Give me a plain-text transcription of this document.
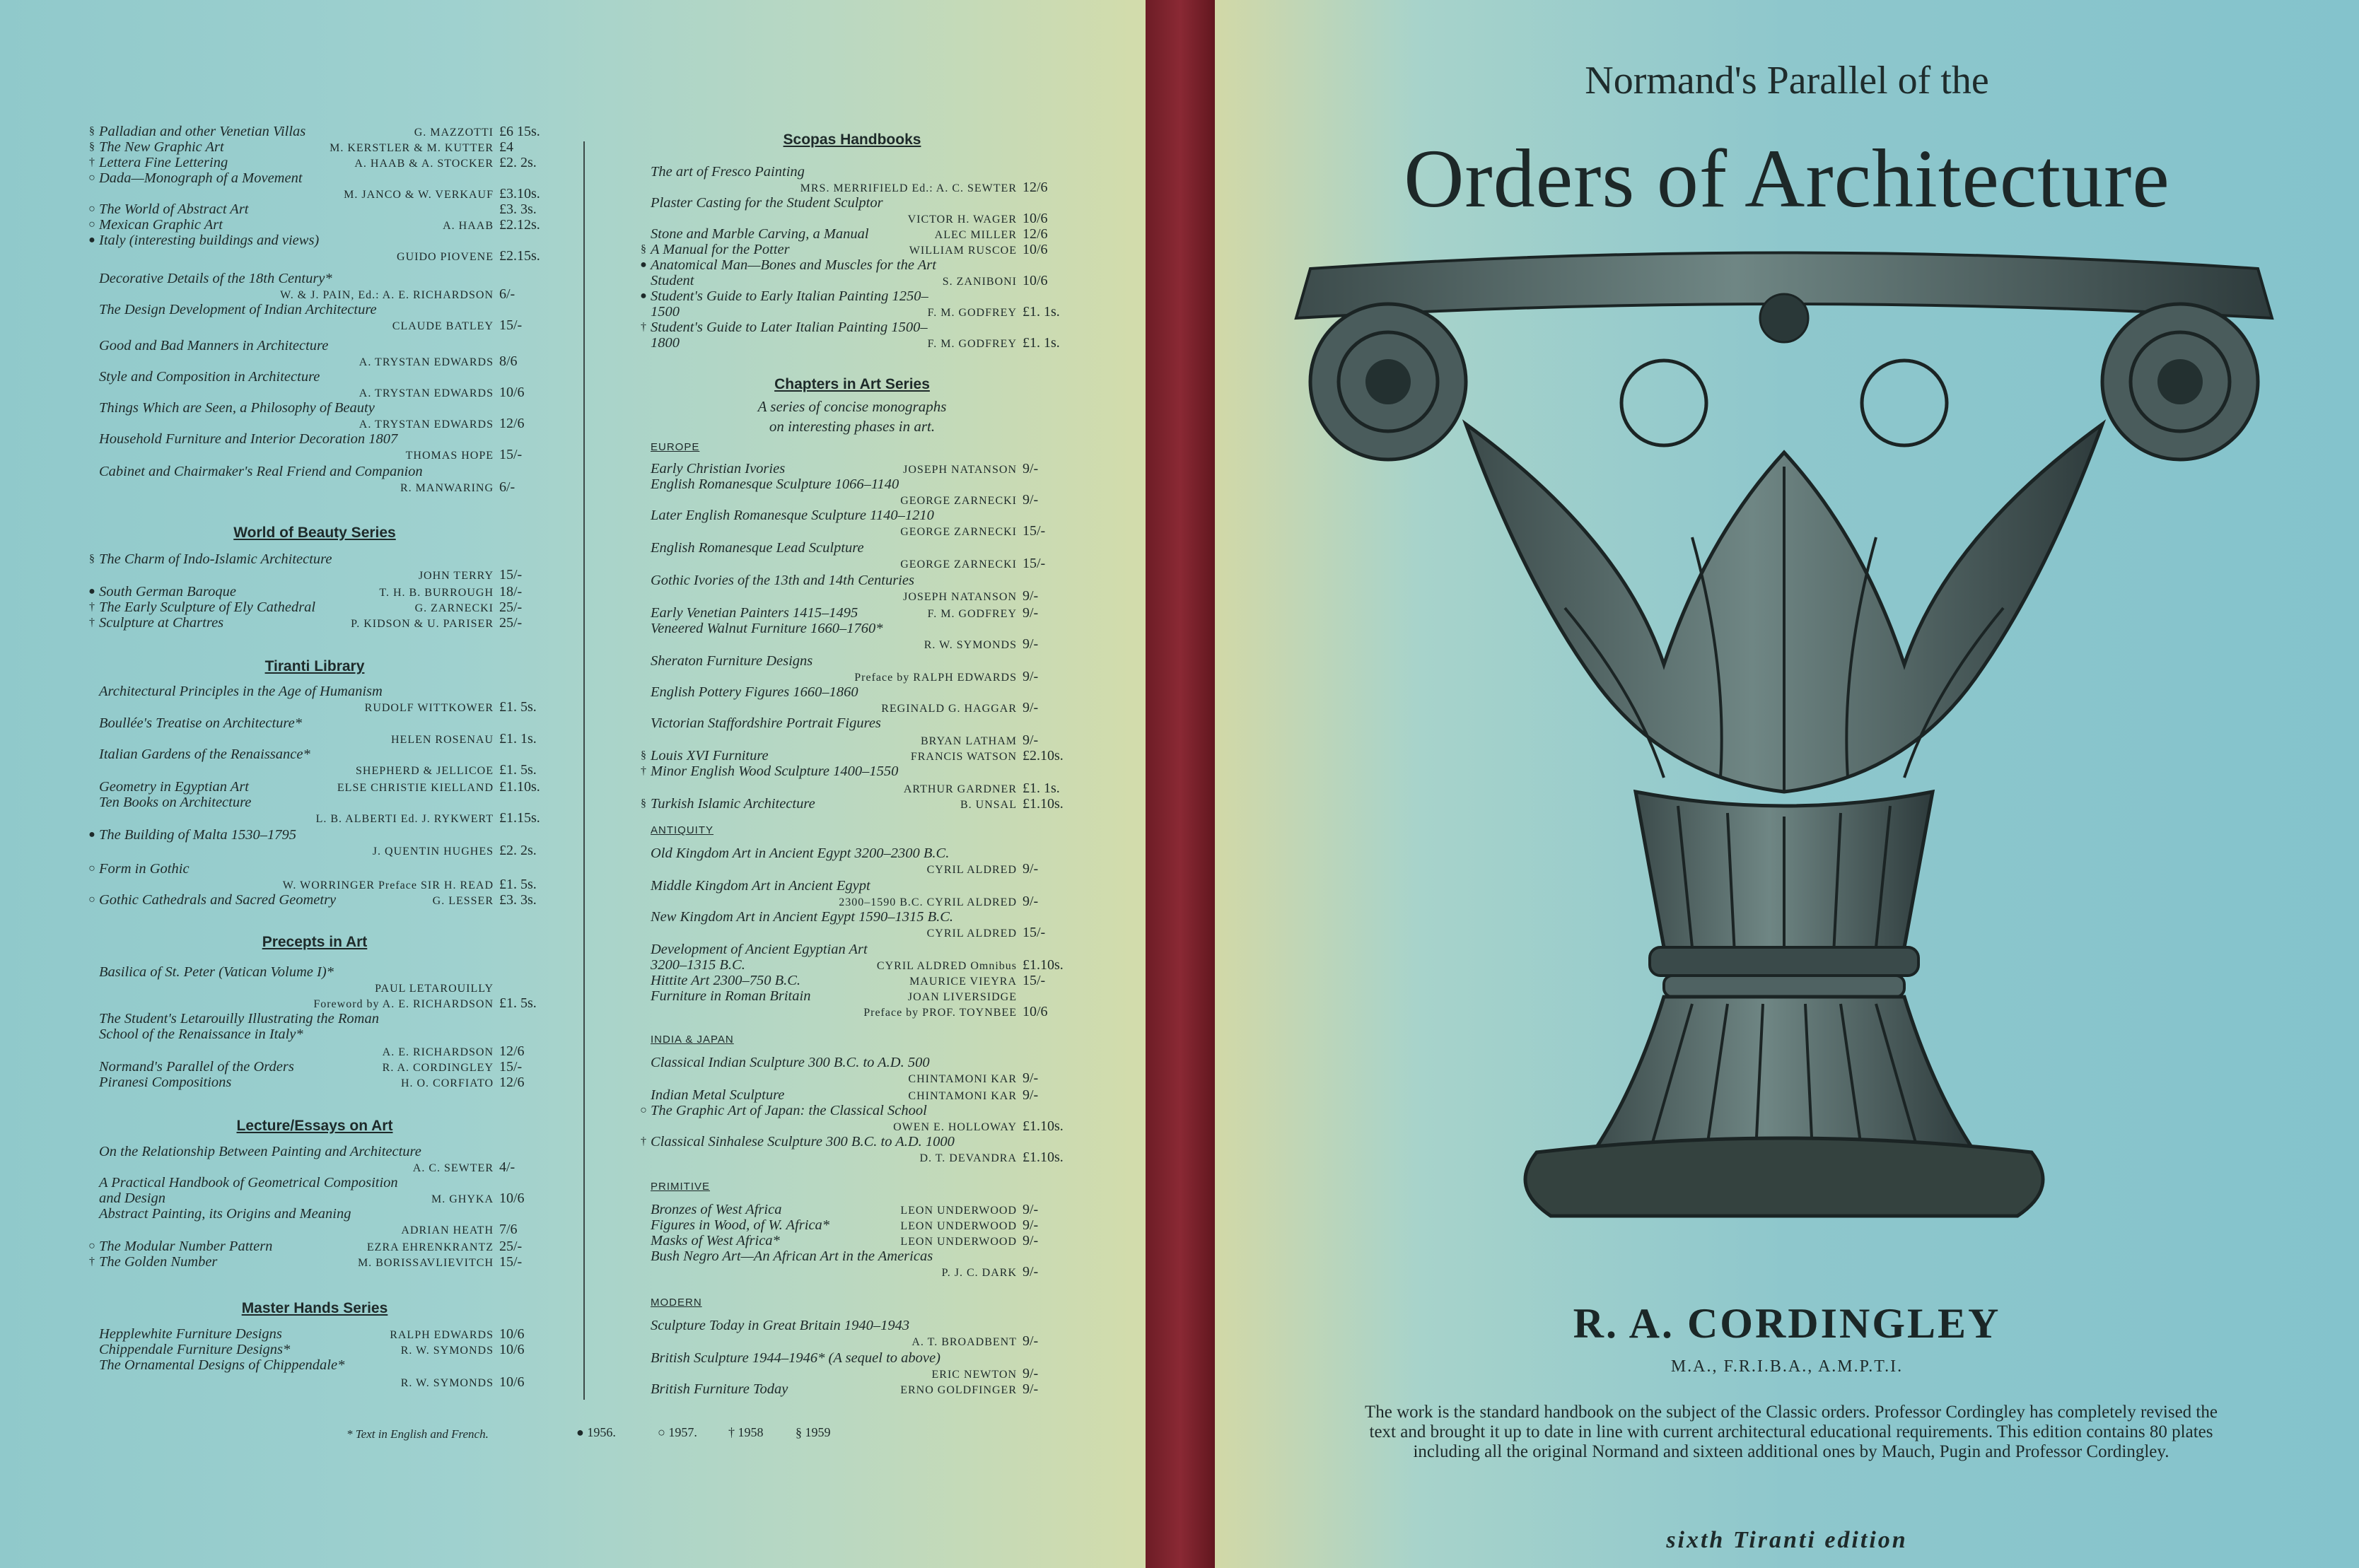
§ Palladian and other Venetian Villas	G. MAZZOTTI £6 15s.
§ The New Graphic Art	M. KERSTLER & M. KUTTER £4
† Lettera Fine Lettering	A. HAAB & A. STOCKER £2. 2s.
○ Dada—Monograph of a Movement
M. JANCO & W. VERKAUF £3.10s.
○ The World of Abstract Art	£3. 3s.
○ Mexican Graphic Art	A. HAAB £2.12s.
● Italy (interesting buildings and views)
GUIDO PIOVENE £2.15s.
Decorative Details of the 18th Century*
W. & J. PAIN, Ed.: A. E. RICHARDSON 6/-
The Design Development of Indian Architecture
CLAUDE BATLEY 15/-
Good and Bad Manners in Architecture
A. TRYSTAN EDWARDS 8/6
Style and Composition in Architecture
A. TRYSTAN EDWARDS 10/6
Things Which are Seen, a Philosophy of Beauty
A. TRYSTAN EDWARDS 12/6
Household Furniture and Interior Decoration 1807
THOMAS HOPE 15/-
Cabinet and Chairmaker's Real Friend and Companion
R. MANWARING 6/-
World of Beauty Series
§ The Charm of Indo-Islamic Architecture
JOHN TERRY 15/-
● South German Baroque	T. H. B. BURROUGH 18/-
† The Early Sculpture of Ely Cathedral	G. ZARNECKI 25/-
† Sculpture at Chartres	P. KIDSON & U. PARISER 25/-
Tiranti Library
Architectural Principles in the Age of Humanism
RUDOLF WITTKOWER £1. 5s.
Boullée's Treatise on Architecture*
HELEN ROSENAU £1. 1s.
Italian Gardens of the Renaissance*
SHEPHERD & JELLICOE £1. 5s.
Geometry in Egyptian Art	ELSE CHRISTIE KIELLAND £1.10s.
Ten Books on Architecture
L. B. ALBERTI Ed. J. RYKWERT £1.15s.
● The Building of Malta 1530–1795
J. QUENTIN HUGHES £2. 2s.
○ Form in Gothic
W. WORRINGER Preface SIR H. READ £1. 5s.
○ Gothic Cathedrals and Sacred Geometry	G. LESSER £3. 3s.
Precepts in Art
Basilica of St. Peter (Vatican Volume I)*
PAUL LETAROUILLY
Foreword by A. E. RICHARDSON £1. 5s.
The Student's Letarouilly Illustrating the Roman
School of the Renaissance in Italy*
A. E. RICHARDSON 12/6
Normand's Parallel of the Orders	R. A. CORDINGLEY 15/-
Piranesi Compositions	H. O. CORFIATO 12/6
Lecture/Essays on Art
On the Relationship Between Painting and Architecture
A. C. SEWTER 4/-
A Practical Handbook of Geometrical Composition
and Design	M. GHYKA 10/6
Abstract Painting, its Origins and Meaning
ADRIAN HEATH 7/6
○ The Modular Number Pattern	EZRA EHRENKRANTZ 25/-
† The Golden Number	M. BORISSAVLIEVITCH 15/-
Master Hands Series
Hepplewhite Furniture Designs	RALPH EDWARDS 10/6
Chippendale Furniture Designs*	R. W. SYMONDS 10/6
The Ornamental Designs of Chippendale*
R. W. SYMONDS 10/6
Scopas Handbooks
The art of Fresco Painting
MRS. MERRIFIELD Ed.: A. C. SEWTER 12/6
Plaster Casting for the Student Sculptor
VICTOR H. WAGER 10/6
Stone and Marble Carving, a Manual	ALEC MILLER 12/6
§ A Manual for the Potter	WILLIAM RUSCOE 10/6
● Anatomical Man—Bones and Muscles for the Art
Student	S. ZANIBONI 10/6
● Student's Guide to Early Italian Painting 1250–
1500	F. M. GODFREY £1. 1s.
† Student's Guide to Later Italian Painting 1500–
1800	F. M. GODFREY £1. 1s.
Chapters in Art Series
A series of concise monographs
on interesting phases in art.
EUROPE
Early Christian Ivories	JOSEPH NATANSON 9/-
English Romanesque Sculpture 1066–1140
GEORGE ZARNECKI 9/-
Later English Romanesque Sculpture 1140–1210
GEORGE ZARNECKI 15/-
English Romanesque Lead Sculpture
GEORGE ZARNECKI 15/-
Gothic Ivories of the 13th and 14th Centuries
JOSEPH NATANSON 9/-
Early Venetian Painters 1415–1495	F. M. GODFREY 9/-
Veneered Walnut Furniture 1660–1760*
R. W. SYMONDS 9/-
Sheraton Furniture Designs
Preface by RALPH EDWARDS 9/-
English Pottery Figures 1660–1860
REGINALD G. HAGGAR 9/-
Victorian Staffordshire Portrait Figures
BRYAN LATHAM 9/-
§ Louis XVI Furniture	FRANCIS WATSON £2.10s.
† Minor English Wood Sculpture 1400–1550
ARTHUR GARDNER £1. 1s.
§ Turkish Islamic Architecture	B. UNSAL £1.10s.
ANTIQUITY
Old Kingdom Art in Ancient Egypt 3200–2300 B.C.
CYRIL ALDRED 9/-
Middle Kingdom Art in Ancient Egypt
2300–1590 B.C. CYRIL ALDRED 9/-
New Kingdom Art in Ancient Egypt 1590–1315 B.C.
CYRIL ALDRED 15/-
Development of Ancient Egyptian Art
3200–1315 B.C.	CYRIL ALDRED Omnibus £1.10s.
Hittite Art 2300–750 B.C.	MAURICE VIEYRA 15/-
Furniture in Roman Britain	JOAN LIVERSIDGE
Preface by PROF. TOYNBEE 10/6
INDIA & JAPAN
Classical Indian Sculpture 300 B.C. to A.D. 500
CHINTAMONI KAR 9/-
Indian Metal Sculpture	CHINTAMONI KAR 9/-
○ The Graphic Art of Japan: the Classical School
OWEN E. HOLLOWAY £1.10s.
† Classical Sinhalese Sculpture 300 B.C. to A.D. 1000
D. T. DEVANDRA £1.10s.
PRIMITIVE
Bronzes of West Africa	LEON UNDERWOOD 9/-
Figures in Wood, of W. Africa*	LEON UNDERWOOD 9/-
Masks of West Africa*	LEON UNDERWOOD 9/-
Bush Negro Art—An African Art in the Americas
P. J. C. DARK 9/-
MODERN
Sculpture Today in Great Britain 1940–1943
A. T. BROADBENT 9/-
British Sculpture 1944–1946* (A sequel to above)
ERIC NEWTON 9/-
British Furniture Today	ERNO GOLDFINGER 9/-
* Text in English and French.	● 1956.	○ 1957. † 1958	§ 1959
Normand's Parallel of the
Orders of Architecture
R. A. CORDINGLEY
M.A., F.R.I.B.A., A.M.P.T.I.
The work is the standard handbook on the subject of the Classic orders. Professor Cordingley has completely revised the text and brought it up to date in line with current architectural educational requirements. This edition contains 80 plates including all the original Normand and sixteen additional ones by Mauch, Pugin and Professor Cordingley.
sixth Tiranti edition
